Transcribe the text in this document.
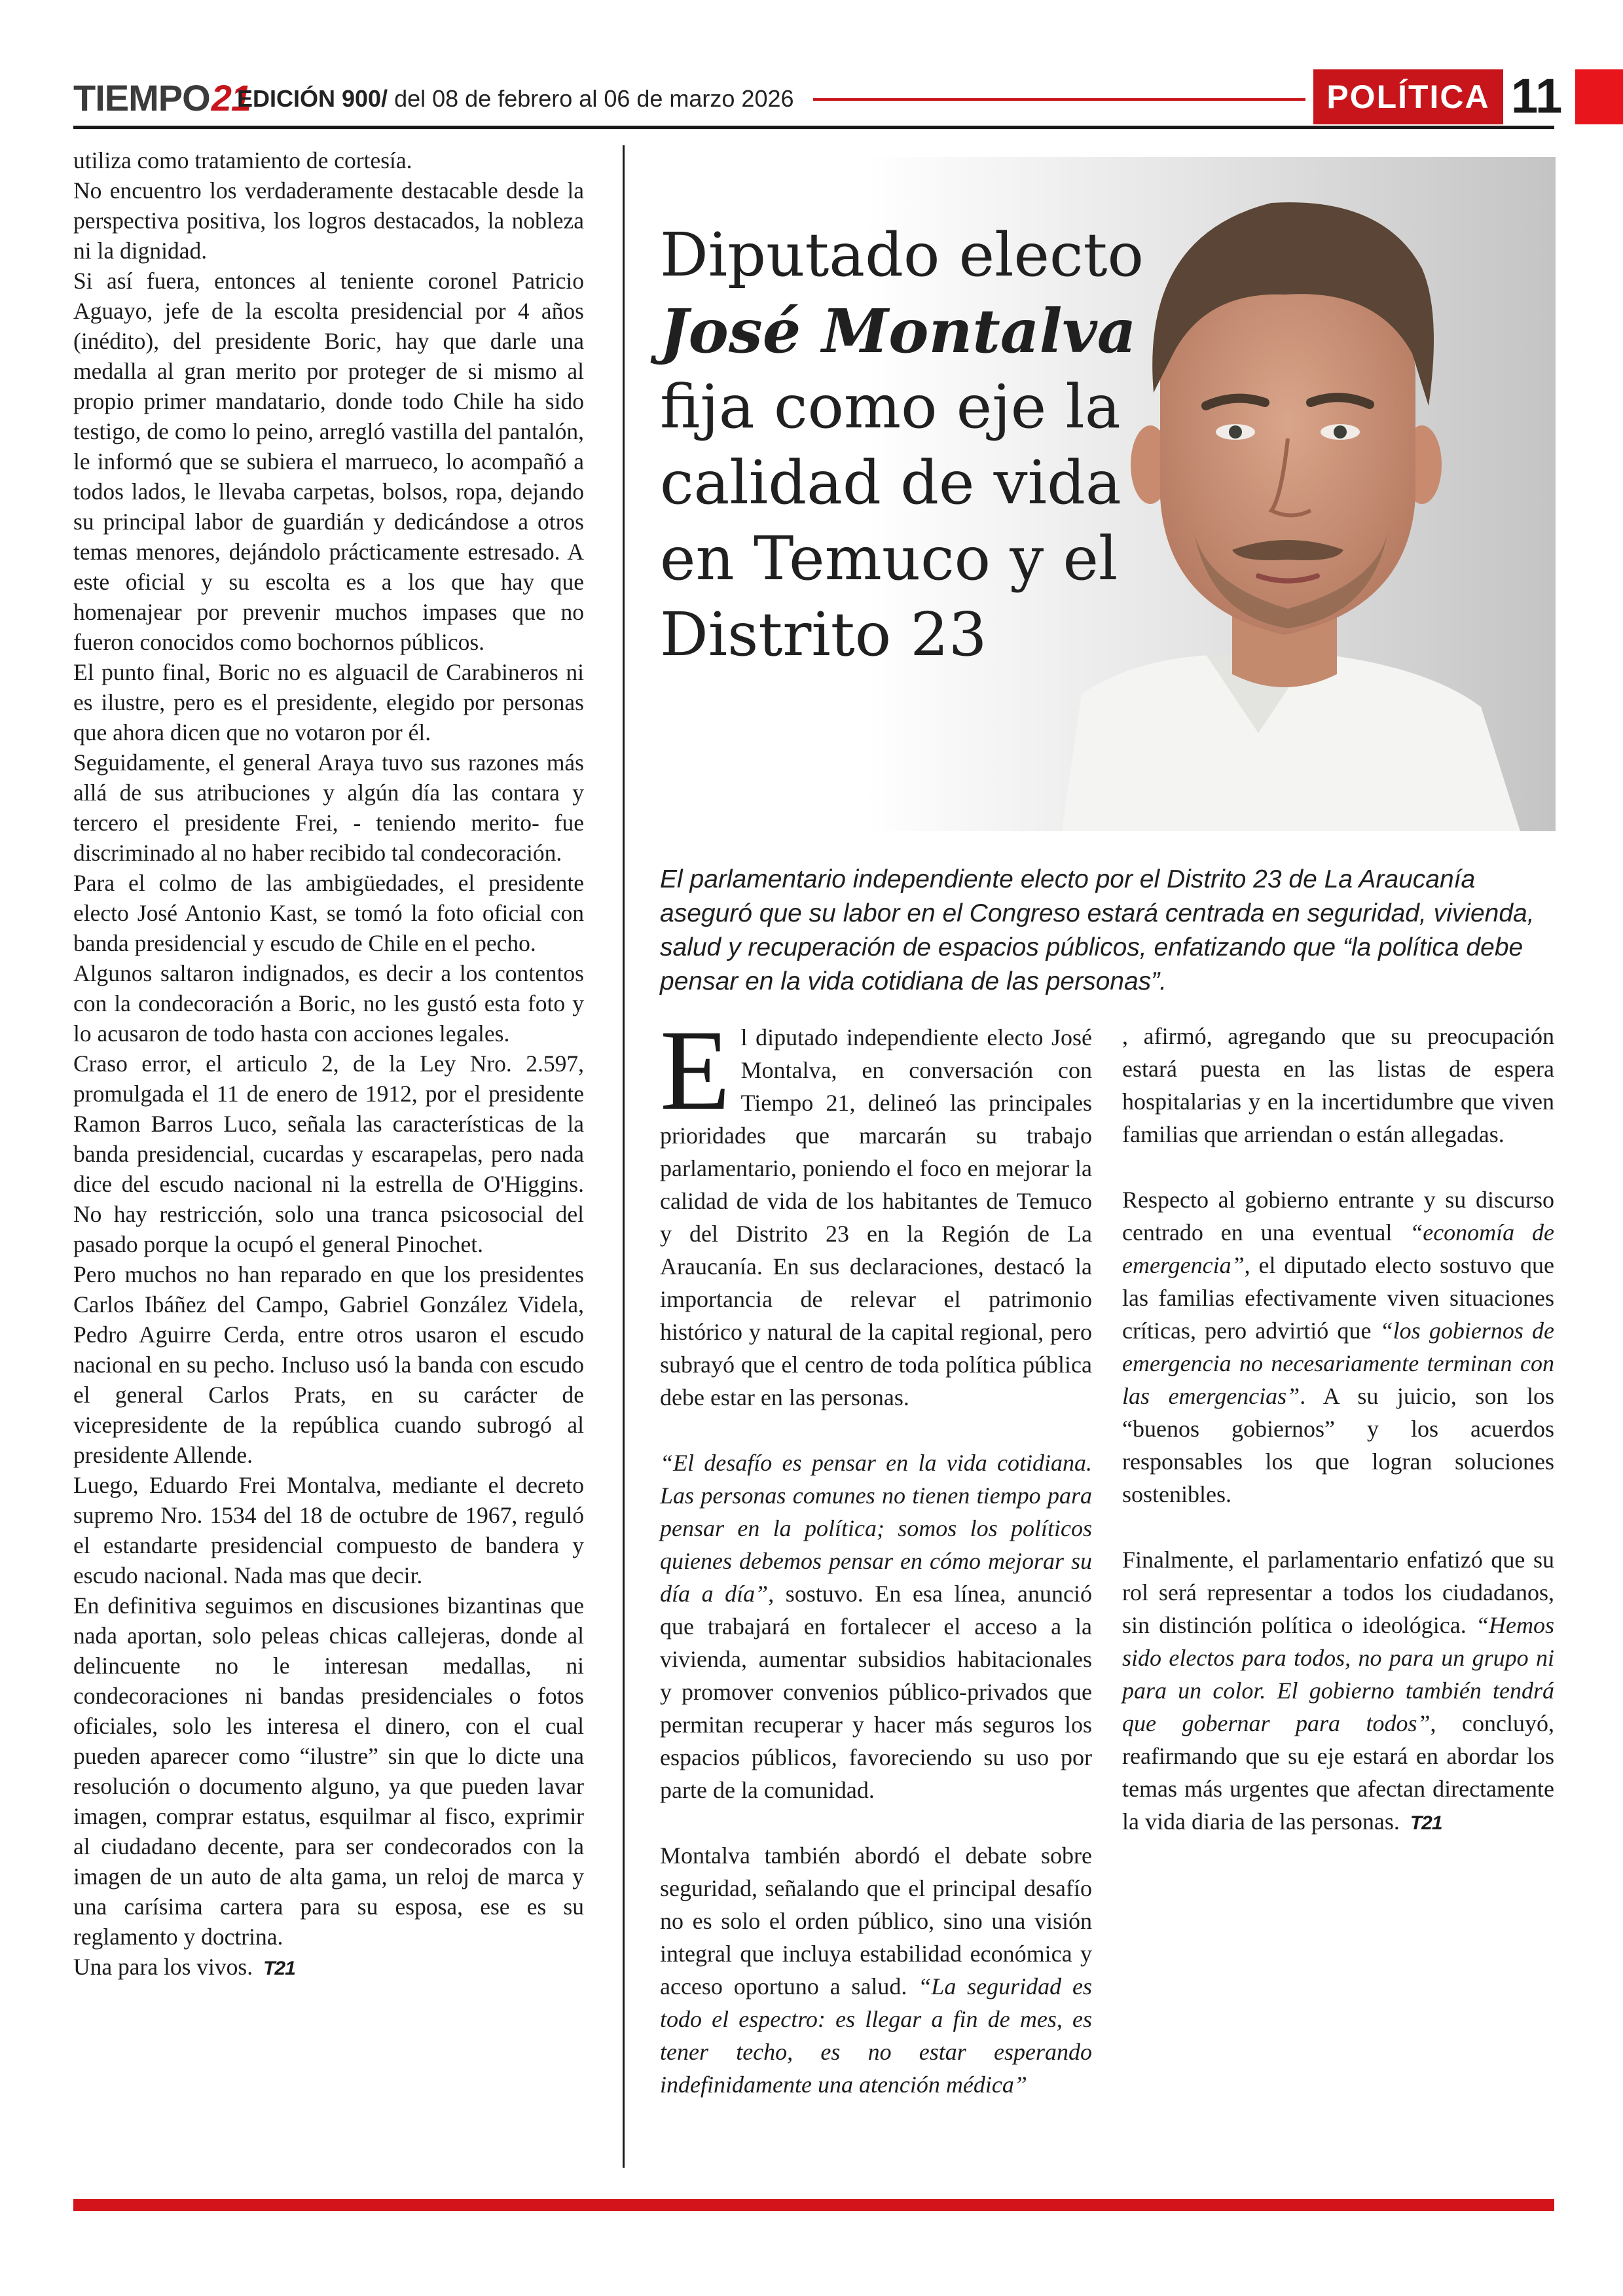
TIEMPO21
EDICIÓN 900/ del 08 de febrero al 06 de marzo 2026	POLÍTICA 11

utiliza como tratamiento de cortesía.

No encuentro los verdaderamente destacable desde la perspectiva positiva, los logros destacados, la nobleza ni la dignidad.

Si así fuera, entonces al teniente coronel Patricio Aguayo, jefe de la escolta presidencial por 4 años (inédito), del presidente Boric, hay que darle una medalla al gran merito por proteger de si mismo al propio primer mandatario, donde todo Chile ha sido testigo, de como lo peino, arregló vastilla del pantalón, le informó que se subiera el marrueco, lo acompañó a todos lados, le llevaba carpetas, bolsos, ropa, dejando su principal labor de guardián y dedicándose a otros temas menores, dejándolo prácticamente estresado. A este oficial y su escolta es a los que hay que homenajear por prevenir muchos impases que no fueron conocidos como bochornos públicos.

El punto final, Boric no es alguacil de Carabineros ni es ilustre, pero es el presidente, elegido por personas que ahora dicen que no votaron por él.

Seguidamente, el general Araya tuvo sus razones más allá de sus atribuciones y algún día las contara y tercero el presidente Frei, - teniendo merito- fue discriminado al no haber recibido tal condecoración.

Para el colmo de las ambigüedades, el presidente electo José Antonio Kast, se tomó la foto oficial con banda presidencial y escudo de Chile en el pecho.

Algunos saltaron indignados, es decir a los contentos con la condecoración a Boric, no les gustó esta foto y lo acusaron de todo hasta con acciones legales.

Craso error, el articulo 2, de la Ley Nro. 2.597, promulgada el 11 de enero de 1912, por el presidente Ramon Barros Luco, señala las características de la banda presidencial, cucardas y escarapelas, pero nada dice del escudo nacional ni la estrella de O'Higgins. No hay restricción, solo una tranca psicosocial del pasado porque la ocupó el general Pinochet.

Pero muchos no han reparado en que los presidentes Carlos Ibáñez del Campo, Gabriel González Videla, Pedro Aguirre Cerda, entre otros usaron el escudo nacional en su pecho. Incluso usó la banda con escudo el general Carlos Prats, en su carácter de vicepresidente de la república cuando subrogó al presidente Allende.

Luego, Eduardo Frei Montalva, mediante el decreto supremo Nro. 1534 del 18 de octubre de 1967, reguló el estandarte presidencial compuesto de bandera y escudo nacional. Nada mas que decir.

En definitiva seguimos en discusiones bizantinas que nada aportan, solo peleas chicas callejeras, donde al delincuente no le interesan medallas, ni condecoraciones ni bandas presidenciales o fotos oficiales, solo les interesa el dinero, con el cual pueden aparecer como “ilustre” sin que lo dicte una resolución o documento alguno, ya que pueden lavar imagen, comprar estatus, esquilmar al fisco, exprimir al ciudadano decente, para ser condecorados con la imagen de un auto de alta gama, un reloj de marca y una carísima cartera para su esposa, ese es su reglamento y doctrina.

Una para los vivos. T21

Diputado electo
José Montalva
fija como eje la
calidad de vida
en Temuco y el
Distrito 23
El parlamentario independiente electo por el Distrito 23 de La Araucanía aseguró que su labor en el Congreso estará centrada en seguridad, vivienda, salud y recuperación de espacios públicos, enfatizando que “la política debe pensar en la vida cotidiana de las personas”.

El diputado independiente electo José Montalva, en conversación con Tiempo 21, delineó las principales prioridades que marcarán su trabajo parlamentario, poniendo el foco en mejorar la calidad de vida de los habitantes de Temuco y del Distrito 23 en la Región de La Araucanía. En sus declaraciones, destacó la importancia de relevar el patrimonio histórico y natural de la capital regional, pero subrayó que el centro de toda política pública debe estar en las personas.

“El desafío es pensar en la vida cotidiana. Las personas comunes no tienen tiempo para pensar en la política; somos los políticos quienes debemos pensar en cómo mejorar su día a día”, sostuvo. En esa línea, anunció que trabajará en fortalecer el acceso a la vivienda, aumentar subsidios habitacionales y promover convenios público-privados que permitan recuperar y hacer más seguros los espacios públicos, favoreciendo su uso por parte de la comunidad.

Montalva también abordó el debate sobre seguridad, señalando que el principal desafío no es solo el orden público, sino una visión integral que incluya estabilidad económica y acceso oportuno a salud. “La seguridad es todo el espectro: es llegar a fin de mes, es tener techo, es no estar esperando indefinidamente una atención médica”

, afirmó, agregando que su preocupación estará puesta en las listas de espera hospitalarias y en la incertidumbre que viven familias que arriendan o están allegadas.

Respecto al gobierno entrante y su discurso centrado en una eventual “economía de emergencia”, el diputado electo sostuvo que las familias efectivamente viven situaciones críticas, pero advirtió que “los gobiernos de emergencia no necesariamente terminan con las emergencias”. A su juicio, son los “buenos gobiernos” y los acuerdos responsables los que logran soluciones sostenibles.

Finalmente, el parlamentario enfatizó que su rol será representar a todos los ciudadanos, sin distinción política o ideológica. “Hemos sido electos para todos, no para un grupo ni para un color. El gobierno también tendrá que gobernar para todos”, concluyó, reafirmando que su eje estará en abordar los temas más urgentes que afectan directamente la vida diaria de las personas. T21
